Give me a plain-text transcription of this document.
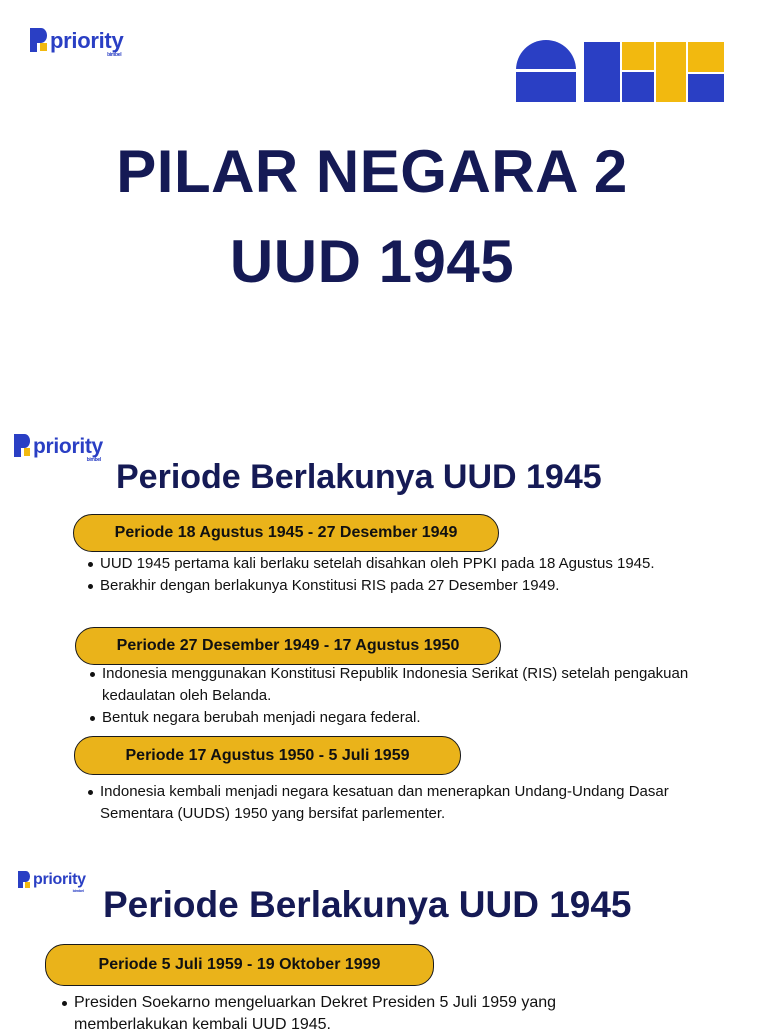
priority
bimbel
PILAR NEGARA 2
UUD 1945
priority
bimbel Periode Berlakunya UUD 1945
Periode 18 Agustus 1945 - 27 Desember 1949
UUD 1945 pertama kali berlaku setelah disahkan oleh PPKI pada 18 Agustus 1945.
Berakhir dengan berlakunya Konstitusi RIS pada 27 Desember 1949.
Periode 27 Desember 1949 - 17 Agustus 1950
Indonesia menggunakan Konstitusi Republik Indonesia Serikat (RIS) setelah pengakuan kedaulatan oleh Belanda.
Bentuk negara berubah menjadi negara federal.
Periode 17 Agustus 1950 - 5 Juli 1959
Indonesia kembali menjadi negara kesatuan dan menerapkan Undang-Undang Dasar Sementara (UUDS) 1950 yang bersifat parlementer.
priority
bimbel Periode Berlakunya UUD 1945
Periode 5 Juli 1959 - 19 Oktober 1999
Presiden Soekarno mengeluarkan Dekret Presiden 5 Juli 1959 yang memberlakukan kembali UUD 1945.
